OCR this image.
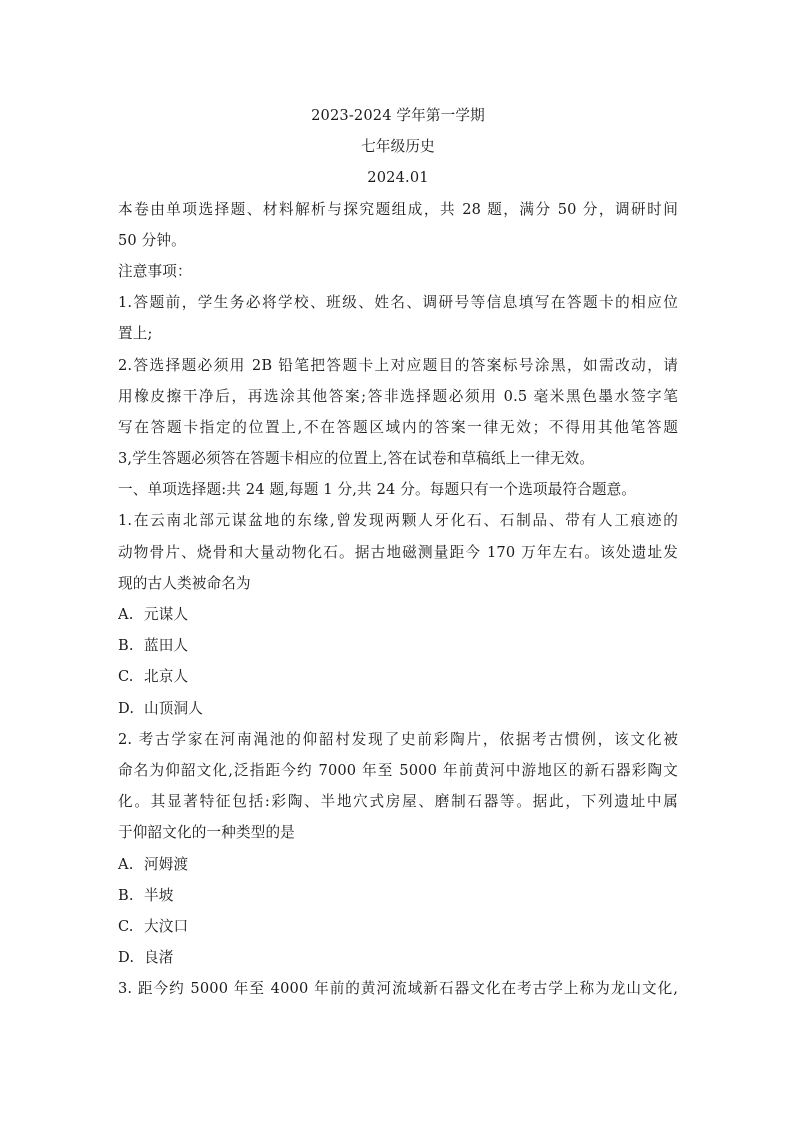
2023-2024 学年第一学期
七年级历史
2024.01
本卷由单项选择题、材料解析与探究题组成，共 28 题，满分 50 分，调研时间
50 分钟。
注意事项：
1.答题前，学生务必将学校、班级、姓名、调研号等信息填写在答题卡的相应位
置上;
2.答选择题必须用 2B 铅笔把答题卡上对应题目的答案标号涂黑，如需改动，请
用橡皮擦干净后，再选涂其他答案;答非选择题必须用 0.5 毫米黑色墨水签字笔
写在答题卡指定的位置上,不在答题区域内的答案一律无效；不得用其他笔答题
3,学生答题必须答在答题卡相应的位置上,答在试卷和草稿纸上一律无效。
一、单项选择题:共 24 题,每题 1 分,共 24 分。每题只有一个选项最符合题意。
1.在云南北部元谋盆地的东缘,曾发现两颗人牙化石、石制品、带有人工痕迹的
动物骨片、烧骨和大量动物化石。据古地磁测量距今 170 万年左右。该处遗址发
现的古人类被命名为
A. 元谋人
B. 蓝田人
C. 北京人
D. 山顶洞人
2. 考古学家在河南渑池的仰韶村发现了史前彩陶片，依据考古惯例，该文化被
命名为仰韶文化,泛指距今约 7000 年至 5000 年前黄河中游地区的新石器彩陶文
化。其显著特征包括:彩陶、半地穴式房屋、磨制石器等。据此，下列遗址中属
于仰韶文化的一种类型的是
A. 河姆渡
B. 半坡
C. 大汶口
D. 良渚
3. 距今约 5000 年至 4000 年前的黄河流域新石器文化在考古学上称为龙山文化,
